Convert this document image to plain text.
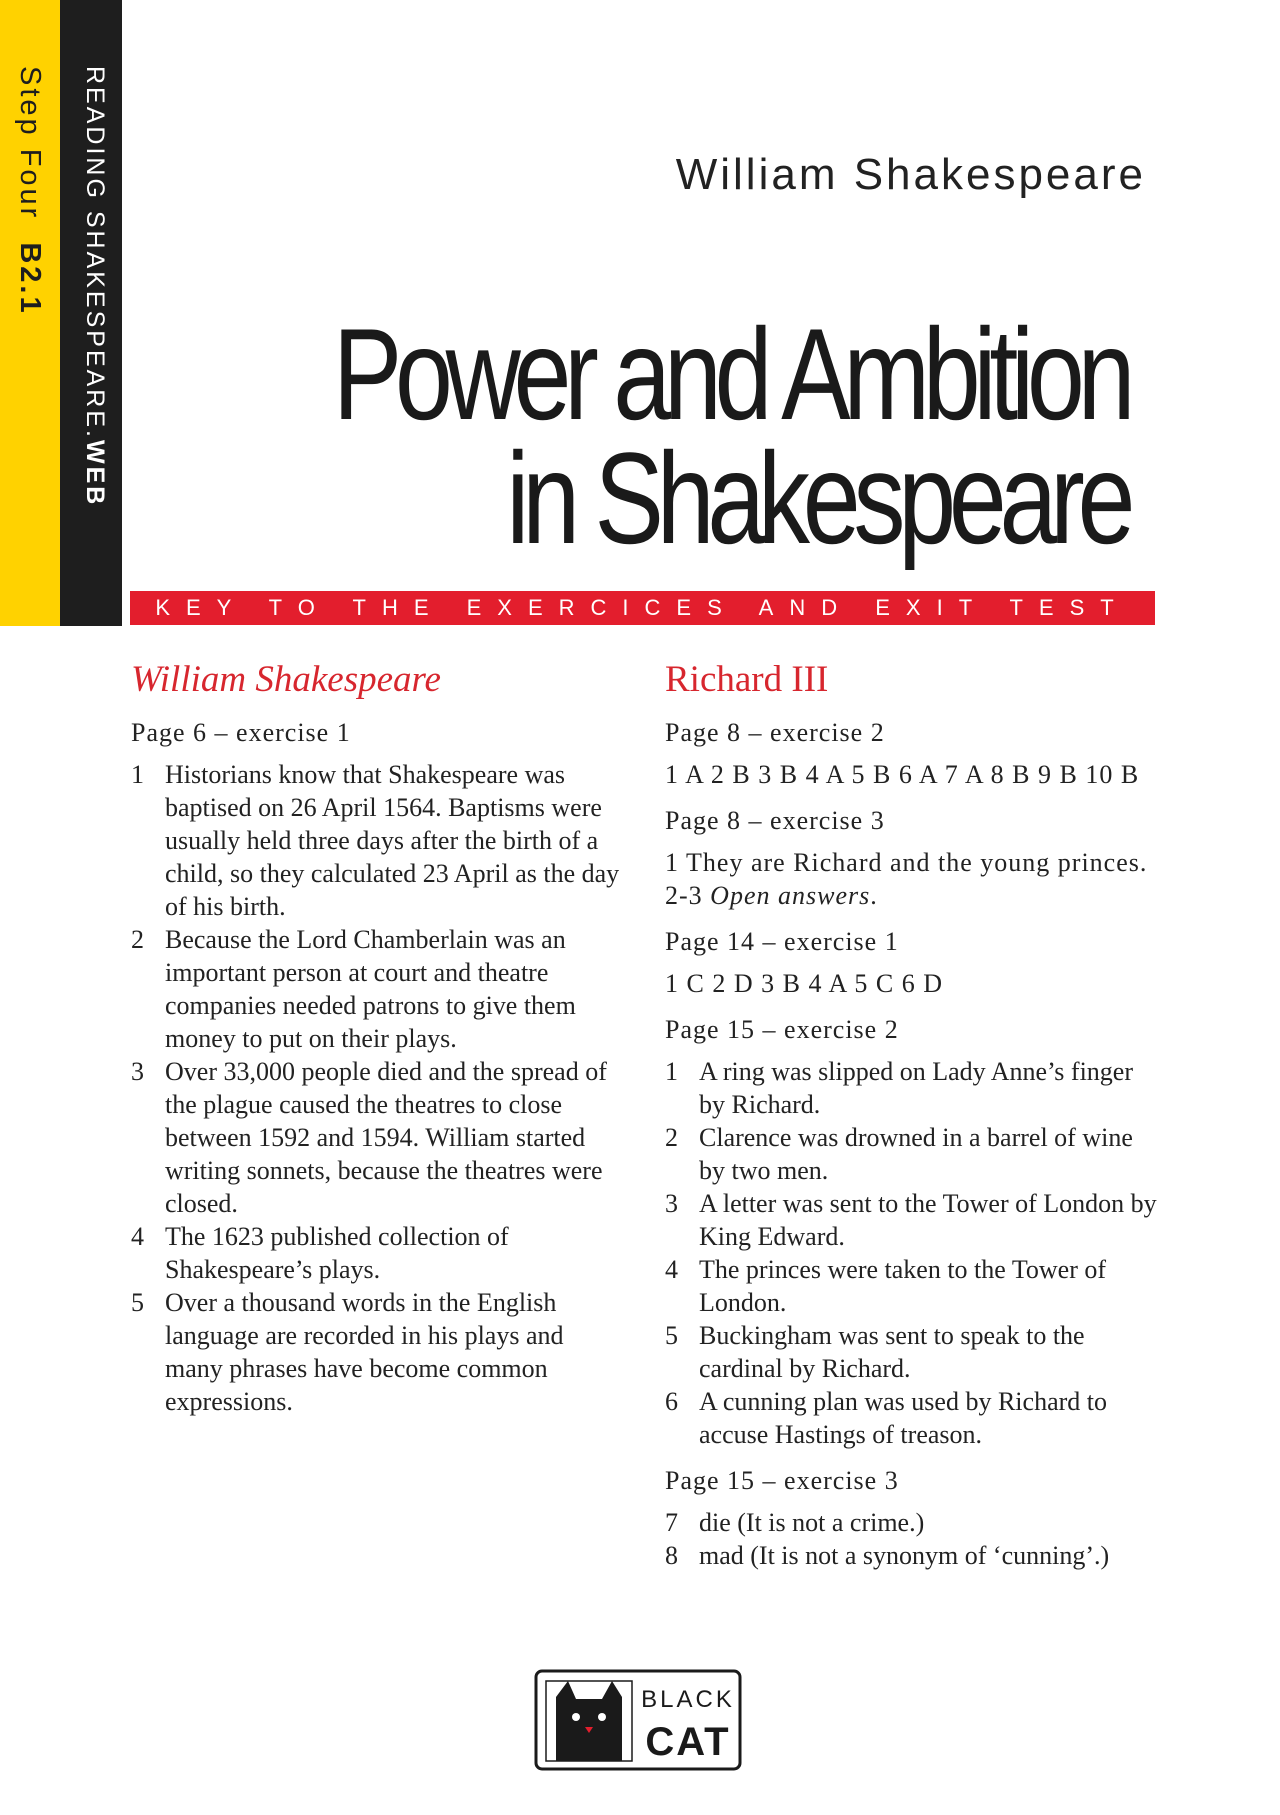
Step FourB2.1 READING SHAKESPEARE.WEB
William Shakespeare
Power and Ambition
in Shakespeare
KEY TO THE EXERCICES AND EXIT TEST
William Shakespeare
Page 6 – exercise 1
1 Historians know that Shakespeare was baptised on 26 April 1564. Baptisms were usually held three days after the birth of a child, so they calculated 23 April as the day of his birth.
2 Because the Lord Chamberlain was an important person at court and theatre companies needed patrons to give them money to put on their plays.
3 Over 33,000 people died and the spread of the plague caused the theatres to close between 1592 and 1594. William started writing sonnets, because the theatres were closed.
4 The 1623 published collection of Shakespeare’s plays.
5 Over a thousand words in the English language are recorded in his plays and many phrases have become common expressions.
Richard III
Page 8 – exercise 2
1 A 2 B 3 B 4 A 5 B 6 A 7 A 8 B 9 B 10 B
Page 8 – exercise 3
1 They are Richard and the young princes. 2-3 Open answers.
Page 14 – exercise 1
1 C 2 D 3 B 4 A 5 C 6 D
Page 15 – exercise 2
1 A ring was slipped on Lady Anne’s finger by Richard.
2 Clarence was drowned in a barrel of wine by two men.
3 A letter was sent to the Tower of London by King Edward.
4 The princes were taken to the Tower of London.
5 Buckingham was sent to speak to the cardinal by Richard.
6 A cunning plan was used by Richard to accuse Hastings of treason.
Page 15 – exercise 3
7 die (It is not a crime.)
8 mad (It is not a synonym of ‘cunning’.)
BLACK
CAT
